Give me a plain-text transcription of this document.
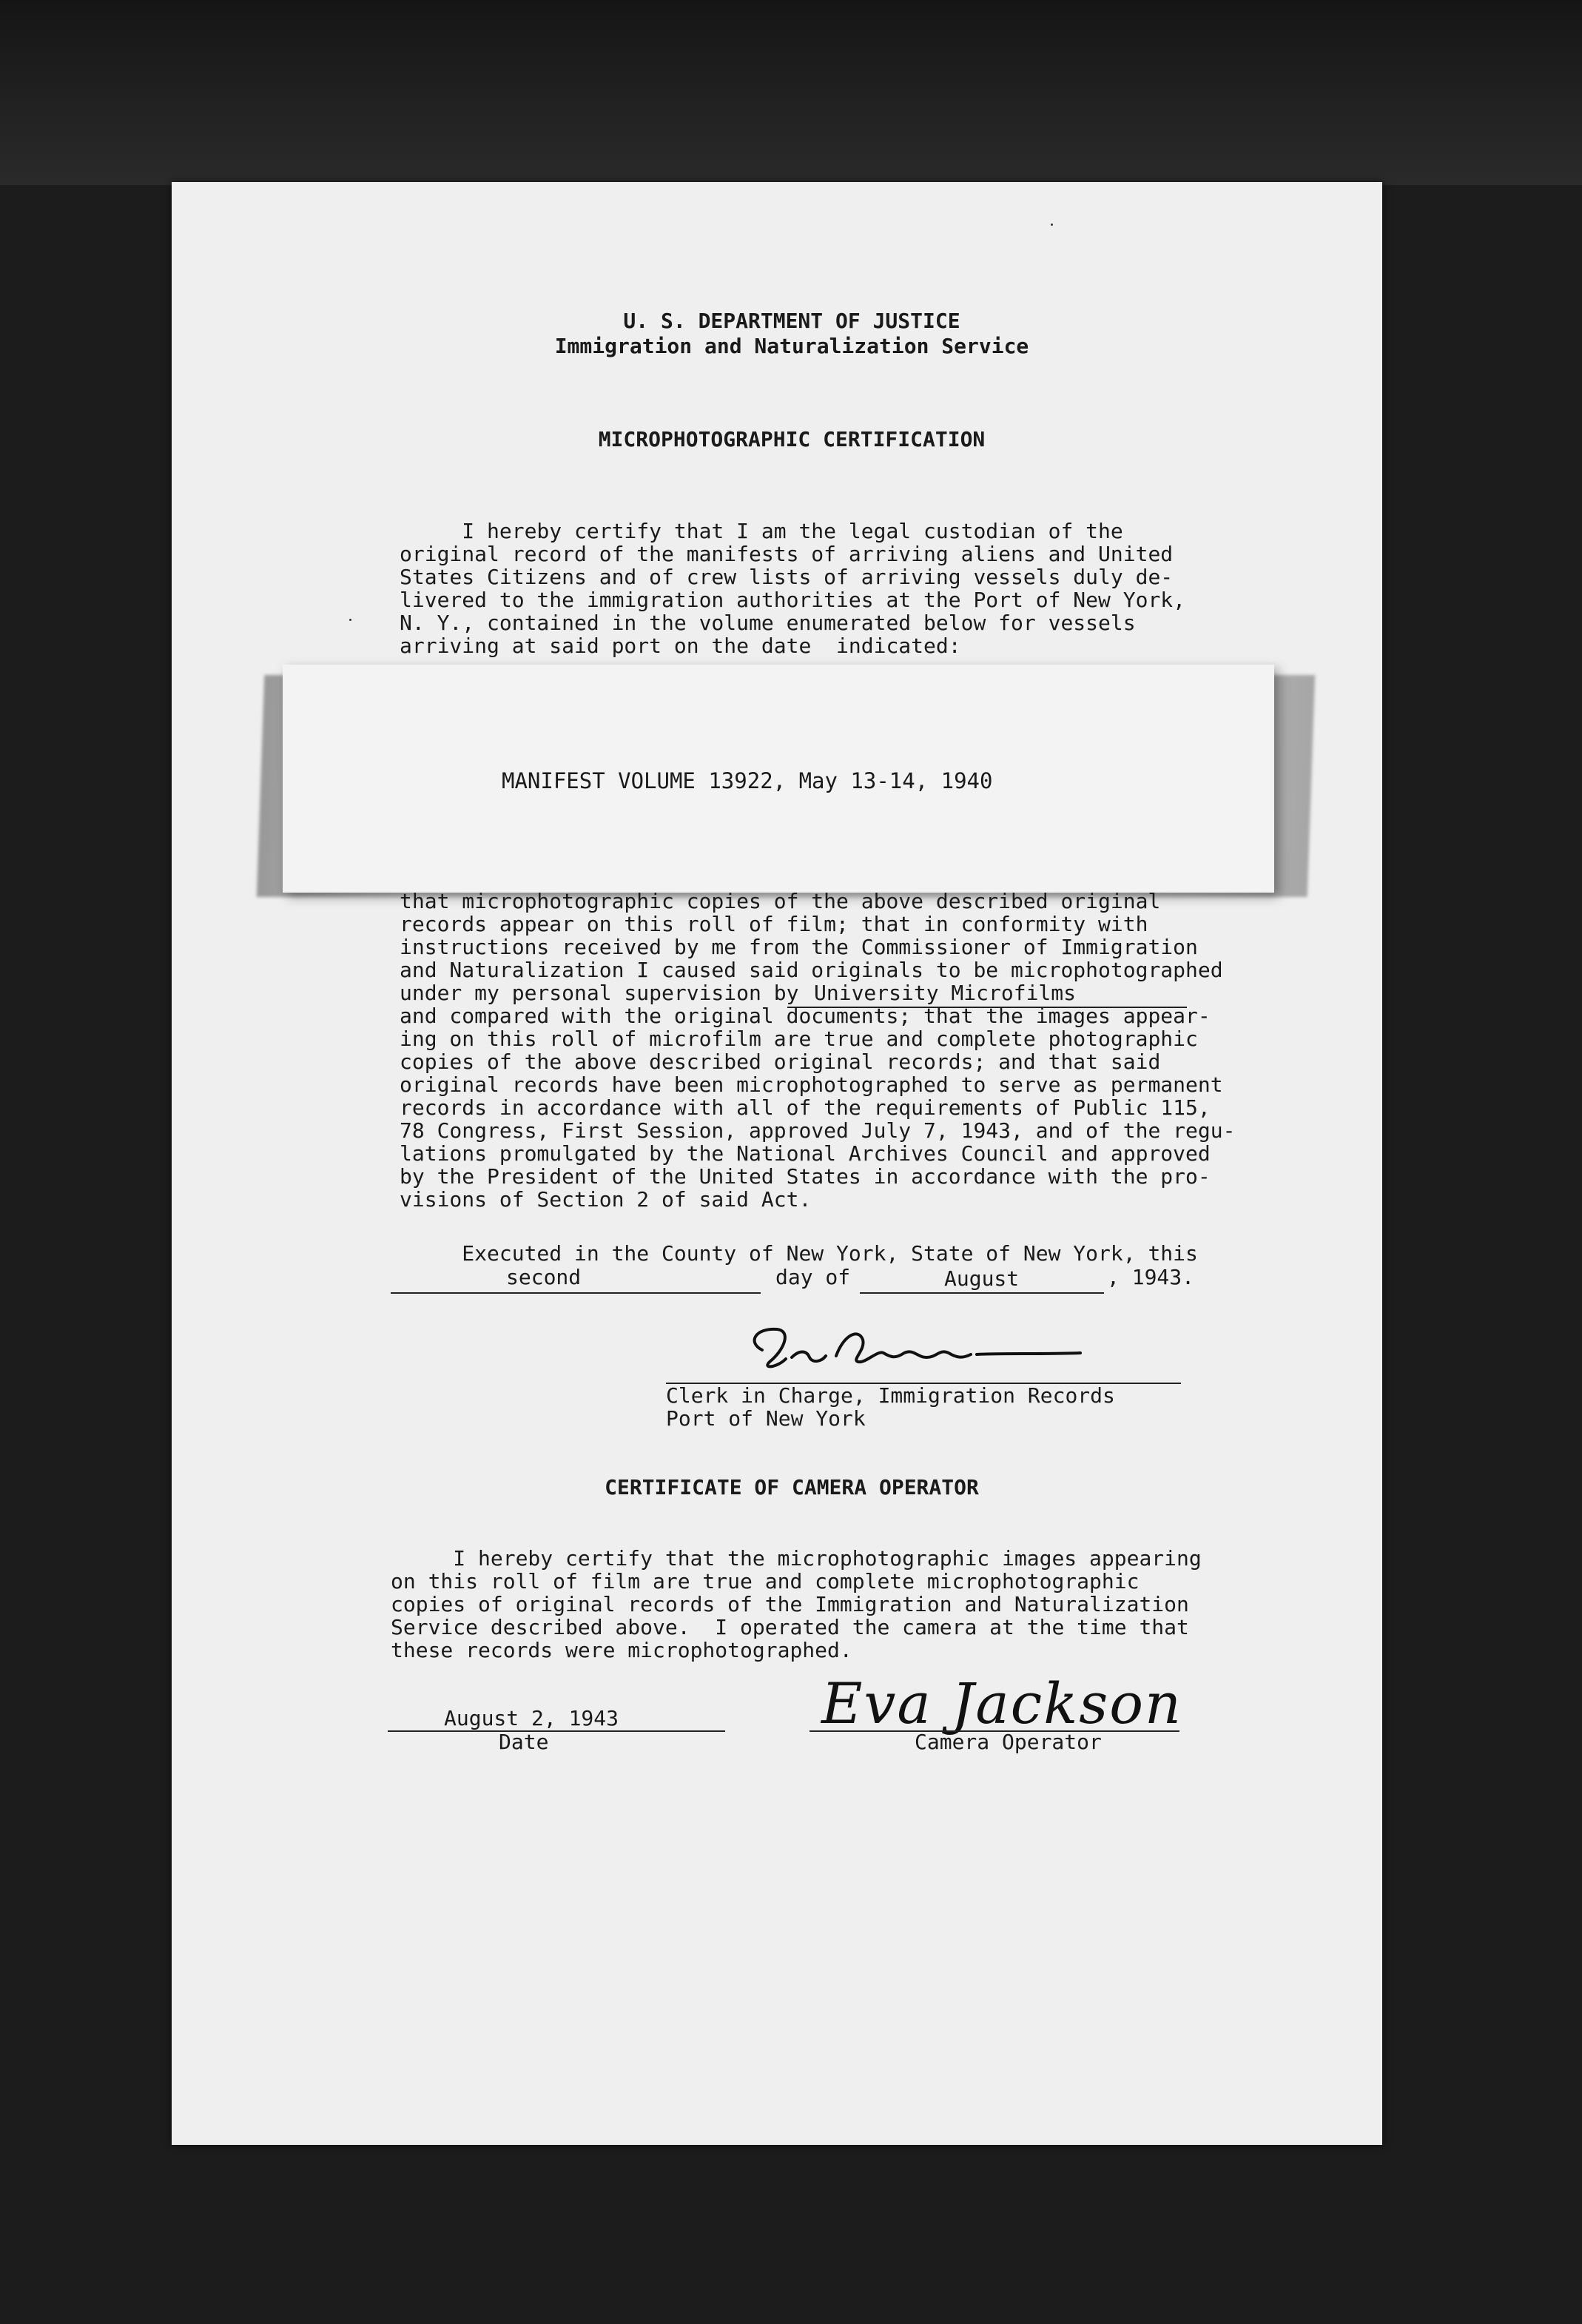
U. S. DEPARTMENT OF JUSTICE
Immigration and Naturalization Service
MICROPHOTOGRAPHIC CERTIFICATION
I hereby certify that I am the legal custodian of the
original record of the manifests of arriving aliens and United
States Citizens and of crew lists of arriving vessels duly de-
livered to the immigration authorities at the Port of New York,
N. Y., contained in the volume enumerated below for vessels
arriving at said port on the date  indicated:
MANIFEST VOLUME 13922, May 13-14, 1940
that microphotographic copies of the above described original
records appear on this roll of film; that in conformity with
instructions received by me from the Commissioner of Immigration
and Naturalization I caused said originals to be microphotographed
under my personal supervision by University Microfilms
and compared with the original documents; that the images appear-
ing on this roll of microfilm are true and complete photographic
copies of the above described original records; and that said
original records have been microphotographed to serve as permanent
records in accordance with all of the requirements of Public 115,
78 Congress, First Session, approved July 7, 1943, and of the regu-
lations promulgated by the National Archives Council and approved
by the President of the United States in accordance with the pro-
visions of Section 2 of said Act.
Executed in the County of New York, State of New York, this
second	day of	August	, 1943.
Clerk in Charge, Immigration Records
Port of New York
CERTIFICATE OF CAMERA OPERATOR
I hereby certify that the microphotographic images appearing
on this roll of film are true and complete microphotographic
copies of original records of the Immigration and Naturalization
Service described above.  I operated the camera at the time that
these records were microphotographed.
August 2, 1943
Date
Eva Jackson
Camera Operator
